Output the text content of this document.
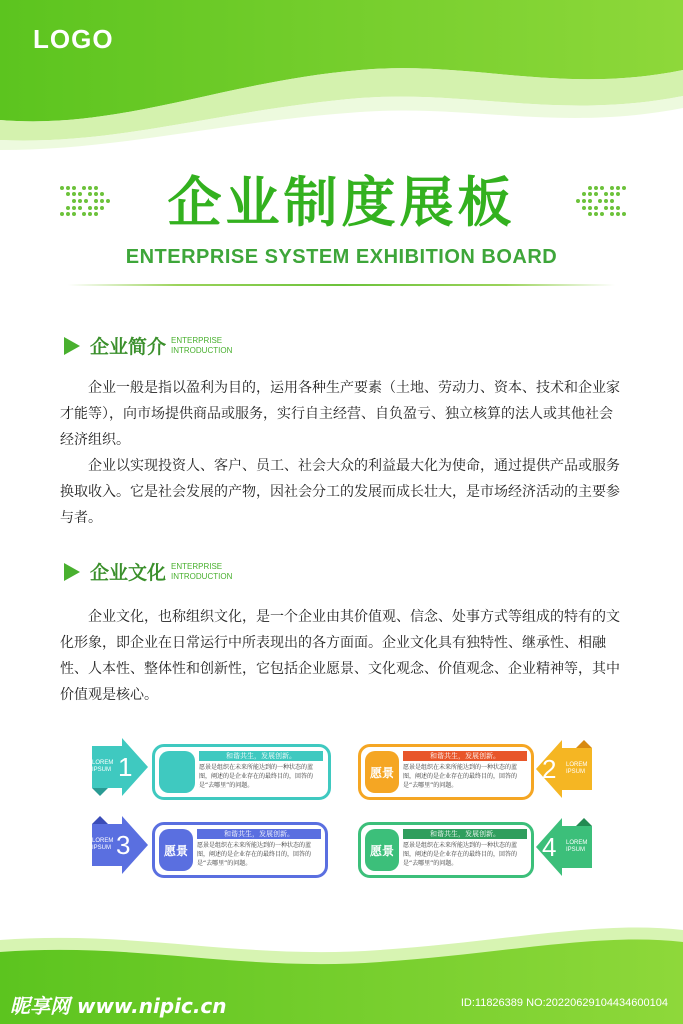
LOGO
企业制度展板
ENTERPRISE SYSTEM EXHIBITION BOARD
企业简介 ENTERPRISE
INTRODUCTION

企业一般是指以盈利为目的，运用各种生产要素（土地、劳动力、资本、技术和企业家才能等），向市场提供商品或服务，实行自主经营、自负盈亏、独立核算的法人或其他社会经济组织。

企业以实现投资人、客户、员工、社会大众的利益最大化为使命，通过提供产品或服务换取收入。它是社会发展的产物，因社会分工的发展而成长壮大，是市场经济活动的主要参与者。

企业文化 ENTERPRISE
INTRODUCTION

企业文化，也称组织文化，是一个企业由其价值观、信念、处事方式等组成的特有的文化形象，即企业在日常运行中所表现出的各方面面。企业文化具有独特性、继承性、相融性、人本性、整体性和创新性，它包括企业愿景、文化观念、价值观念、企业精神等，其中价值观是核心。

LOREM
IPSUM 1	和谐共生，发展创新。
愿景是组织在未来所能达到的一种状态的蓝图，阐述的是企业存在的最终目的，回答的是“去哪里”的问题。
愿景
和谐共生，发展创新。
愿景是组织在未来所能达到的一种状态的蓝图，阐述的是企业存在的最终目的，回答的是“去哪里”的问题。
2 LOREM
IPSUM
LOREM
IPSUM 3	愿景
和谐共生，发展创新。
愿景是组织在未来所能达到的一种状态的蓝图，阐述的是企业存在的最终目的，回答的是“去哪里”的问题。
愿景
和谐共生，发展创新。
愿景是组织在未来所能达到的一种状态的蓝图，阐述的是企业存在的最终目的，回答的是“去哪里”的问题。
4 LOREM
IPSUM
昵享网 www.nipic.cn	ID:11826389 NO:20220629104434600104
